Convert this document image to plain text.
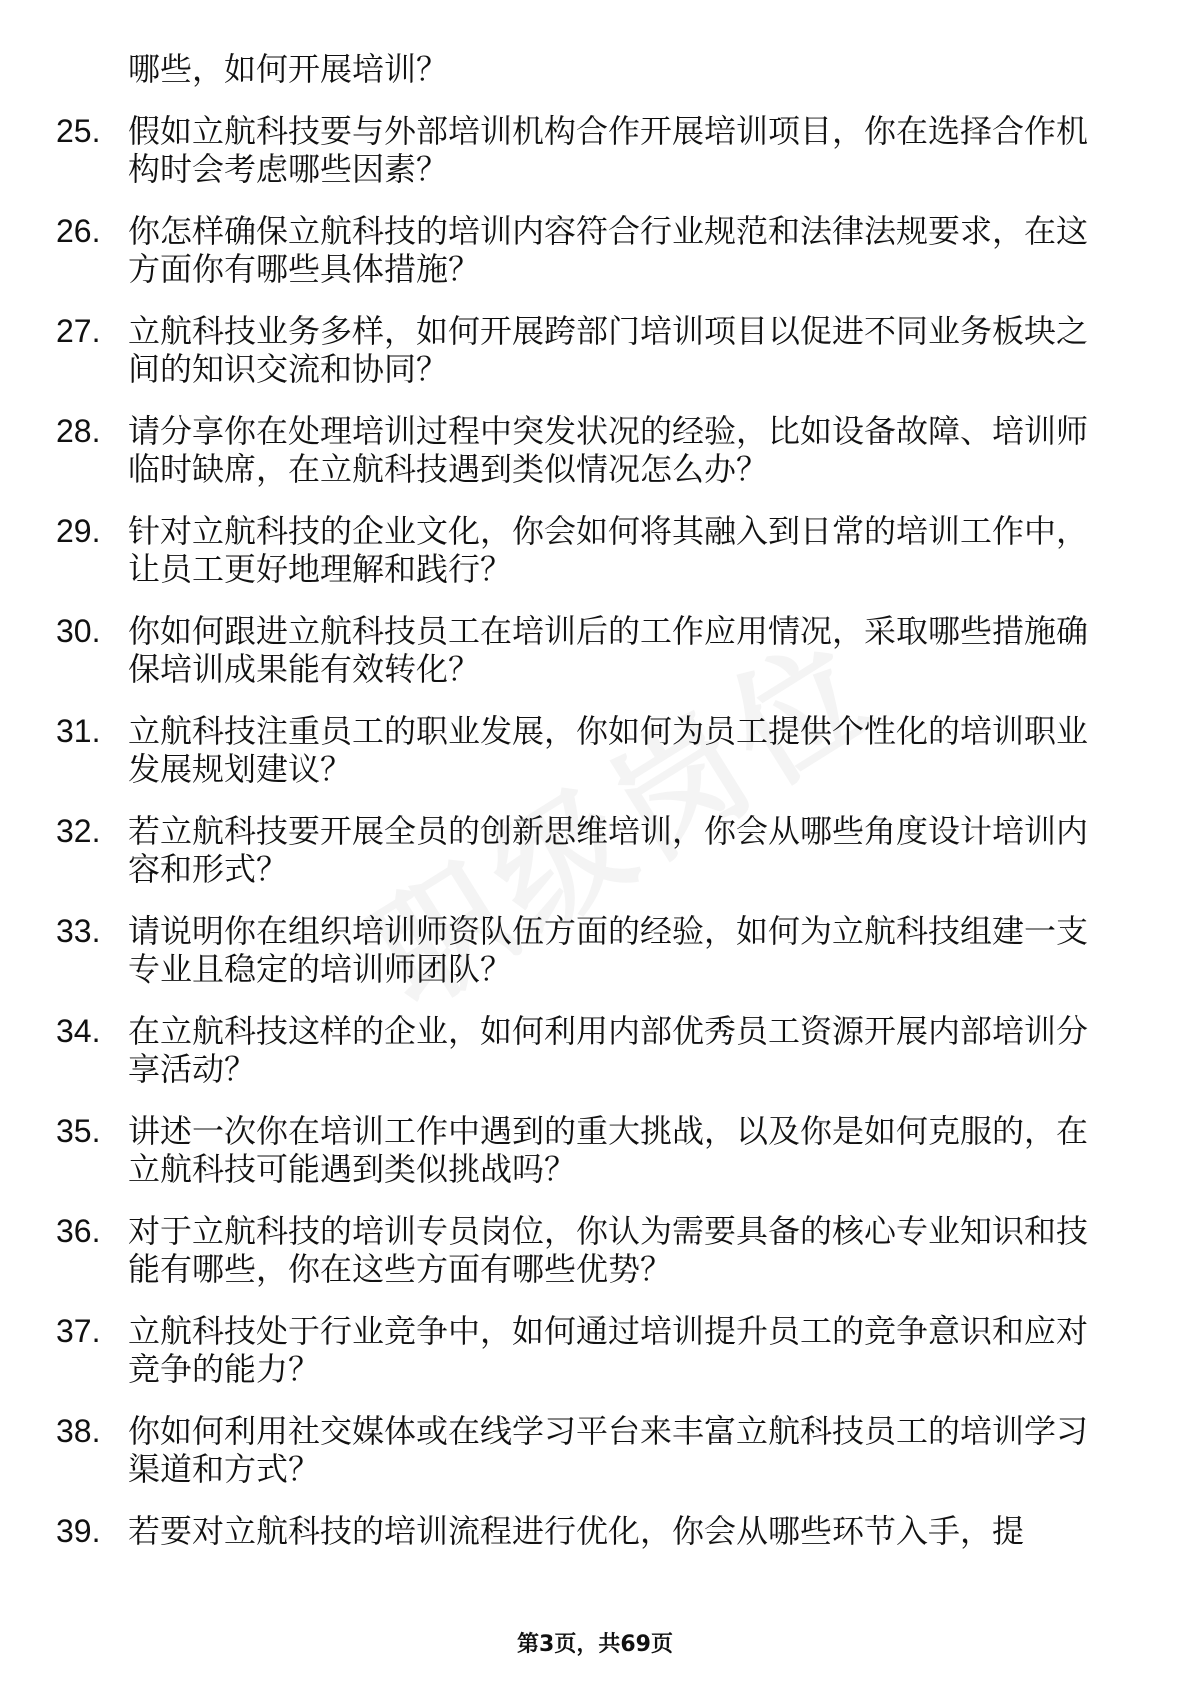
哪些，如何开展培训？
25. 假如立航科技要与外部培训机构合作开展培训项目，你在选择合作机构时会考虑哪些因素？
26. 你怎样确保立航科技的培训内容符合行业规范和法律法规要求，在这方面你有哪些具体措施？
27. 立航科技业务多样，如何开展跨部门培训项目以促进不同业务板块之间的知识交流和协同？
28. 请分享你在处理培训过程中突发状况的经验，比如设备故障、培训师临时缺席，在立航科技遇到类似情况怎么办？
29. 针对立航科技的企业文化，你会如何将其融入到日常的培训工作中，让员工更好地理解和践行？
30. 你如何跟进立航科技员工在培训后的工作应用情况，采取哪些措施确保培训成果能有效转化？
31. 立航科技注重员工的职业发展，你如何为员工提供个性化的培训职业发展规划建议？
32. 若立航科技要开展全员的创新思维培训，你会从哪些角度设计培训内容和形式？
33. 请说明你在组织培训师资队伍方面的经验，如何为立航科技组建一支专业且稳定的培训师团队？
34. 在立航科技这样的企业，如何利用内部优秀员工资源开展内部培训分享活动？
35. 讲述一次你在培训工作中遇到的重大挑战，以及你是如何克服的，在立航科技可能遇到类似挑战吗？
36. 对于立航科技的培训专员岗位，你认为需要具备的核心专业知识和技能有哪些，你在这些方面有哪些优势？
37. 立航科技处于行业竞争中，如何通过培训提升员工的竞争意识和应对竞争的能力？
38. 你如何利用社交媒体或在线学习平台来丰富立航科技员工的培训学习渠道和方式？
39. 若要对立航科技的培训流程进行优化，你会从哪些环节入手，提
第3页，共69页
